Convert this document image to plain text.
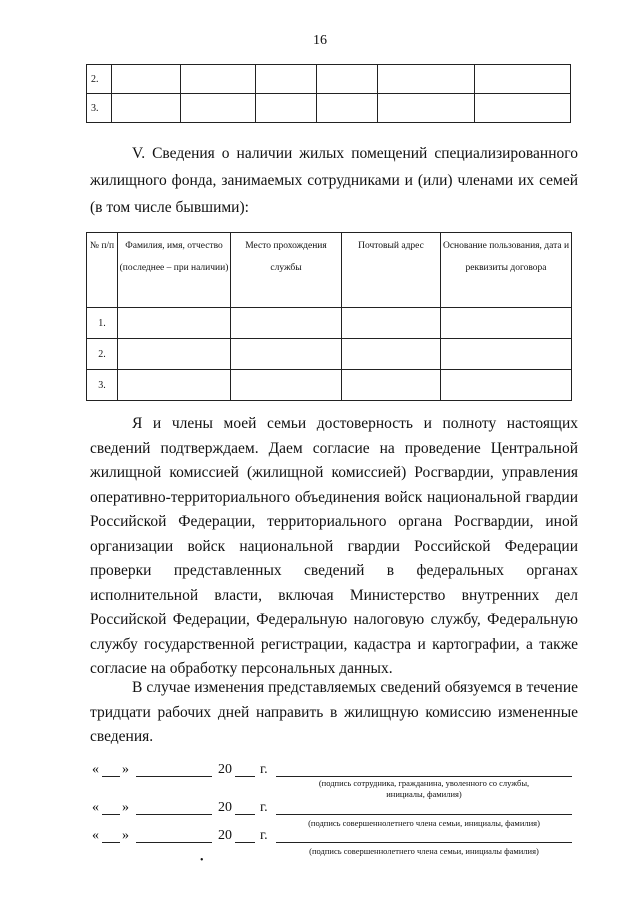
16
2.						
3.						
V. Сведения о наличии жилых помещений специализированного
жилищного фонда, занимаемых сотрудниками и (или) членами их семей
(в том числе бывшими):
№ п/п	Фамилия, имя, отчество (последнее – при наличии)	Место прохождения службы	Почтовый адрес	Основание пользования, дата и реквизиты договора
1.				
2.				
3.				
Я и члены моей семьи достоверность и полноту настоящих сведений подтверждаем. Даем согласие на проведение Центральной жилищной комиссией (жилищной комиссией) Росгвардии, управления оперативно-территориального объединения войск национальной гвардии Российской Федерации, территориального органа Росгвардии, иной организации войск национальной гвардии Российской Федерации проверки представленных сведений в федеральных органах исполнительной власти, включая Министерство внутренних дел Российской Федерации, Федеральную налоговую службу, Федеральную службу государственной регистрации, кадастра и картографии, а также согласие на обработку персональных данных.
В случае изменения представляемых сведений обязуемся в течение тридцати рабочих дней направить в жилищную комиссию измененные сведения.
« »	20 г.
(подпись сотрудника, гражданина, уволенного со службы,
инициалы, фамилия)
« »	20 г.
(подпись совершеннолетнего члена семьи, инициалы, фамилия)
« »	20 г.
(подпись совершеннолетнего члена семьи, инициалы фамилия)
•
